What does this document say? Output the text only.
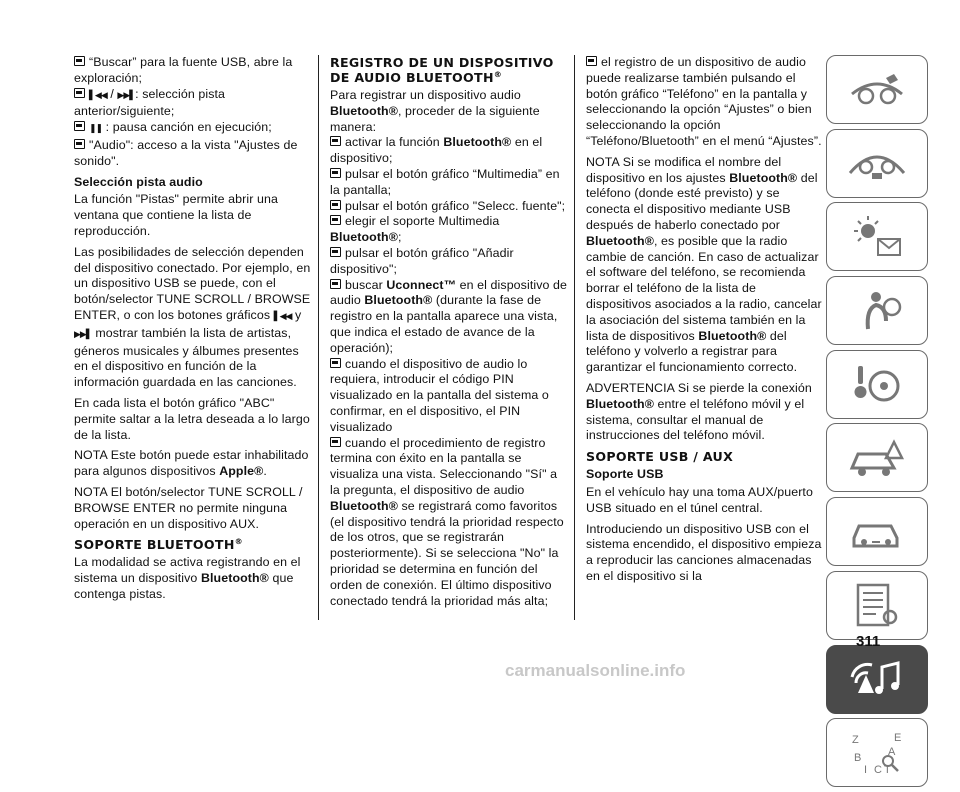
“Buscar” para la fuente USB, abre la exploración;

▌◀◀ / ▶▶▌: selección pista anterior/siguiente;

❚❚ : pausa canción en ejecución;

"Audio": acceso a la vista "Ajustes de sonido".

Selección pista audio

La función "Pistas" permite abrir una ventana que contiene la lista de reproducción.

Las posibilidades de selección dependen del dispositivo conectado. Por ejemplo, en un dispositivo USB se puede, con el botón/selector TUNE SCROLL / BROWSE ENTER, o con los botones gráficos ▌◀◀ y

▶▶▌ mostrar también la lista de artistas, géneros musicales y álbumes presentes en el dispositivo en función de la información guardada en las canciones.

En cada lista el botón gráfico "ABC" permite saltar a la letra deseada a lo largo de la lista.

NOTA Este botón puede estar inhabilitado para algunos dispositivos Apple®.

NOTA El botón/selector TUNE SCROLL / BROWSE ENTER no permite ninguna operación en un dispositivo AUX.

SOPORTE BLUETOOTH®

La modalidad se activa registrando en el sistema un dispositivo Bluetooth® que contenga pistas.

REGISTRO DE UN DISPOSITIVO
DE AUDIO BLUETOOTH®

Para registrar un dispositivo audio Bluetooth®, proceder de la siguiente manera:

activar la función Bluetooth® en el dispositivo;

pulsar el botón gráfico “Multimedia” en la pantalla;

pulsar el botón gráfico "Selecc. fuente";

elegir el soporte Multimedia Bluetooth®;

pulsar el botón gráfico "Añadir dispositivo";

buscar Uconnect™ en el dispositivo de audio Bluetooth® (durante la fase de registro en la pantalla aparece una vista, que indica el estado de avance de la operación);

cuando el dispositivo de audio lo requiera, introducir el código PIN visualizado en la pantalla del sistema o confirmar, en el dispositivo, el PIN visualizado

cuando el procedimiento de registro termina con éxito en la pantalla se visualiza una vista. Seleccionando "Sí" a la pregunta, el dispositivo de audio Bluetooth® se registrará como favoritos (el dispositivo tendrá la prioridad respecto de los otros, que se registrarán posteriormente). Si se selecciona "No" la prioridad se determina en función del orden de conexión. El último dispositivo conectado tendrá la prioridad más alta;

el registro de un dispositivo de audio puede realizarse también pulsando el botón gráfico “Teléfono” en la pantalla y seleccionando la opción “Ajustes” o bien seleccionando la opción “Teléfono/Bluetooth” en el menú “Ajustes”.

NOTA Si se modifica el nombre del dispositivo en los ajustes Bluetooth® del teléfono (donde esté previsto) y se conecta el dispositivo mediante USB después de haberlo conectado por Bluetooth®, es posible que la radio cambie de canción. En caso de actualizar el software del teléfono, se recomienda borrar el teléfono de la lista de dispositivos asociados a la radio, cancelar la asociación del sistema también en la lista de dispositivos Bluetooth® del teléfono y volverlo a registrar para garantizar el funcionamiento correcto.

ADVERTENCIA Si se pierde la conexión Bluetooth® entre el teléfono móvil y el sistema, consultar el manual de instrucciones del teléfono móvil.

SOPORTE USB / AUX
Soporte USB

En el vehículo hay una toma AUX/puerto USB situado en el túnel central.

Introduciendo un dispositivo USB con el sistema encendido, el dispositivo empieza a reproducir las canciones almacenadas en el dispositivo si la

Z	E
B A
I C T
311
carmanualsonline.info
